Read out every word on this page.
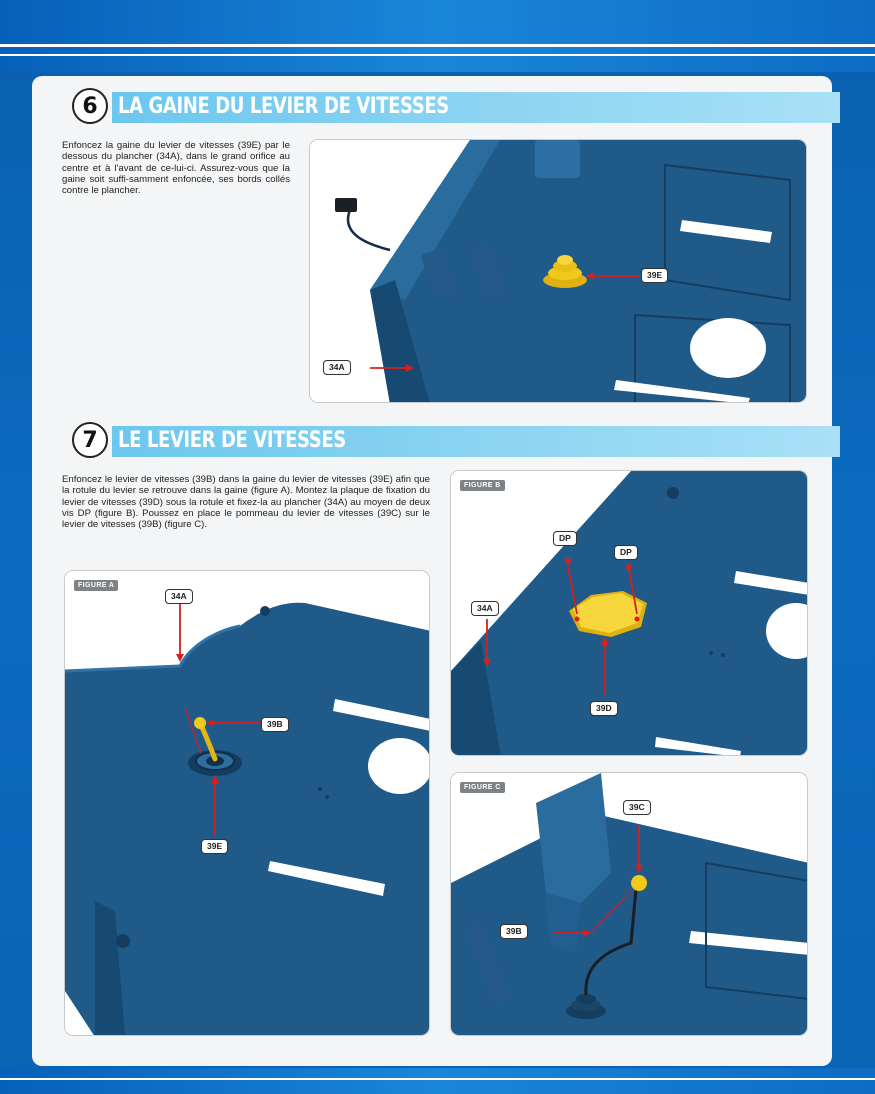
6 LA GAINE DU LEVIER DE VITESSES

Enfoncez la gaine du levier de vitesses (39E) par le dessous du plancher (34A), dans le grand orifice au centre et à l'avant de ce-lui-ci. Assurez-vous que la gaine soit suffi-samment enfoncée, ses bords collés contre le plancher.

39E
34A
7 LE LEVIER DE VITESSES

Enfoncez le levier de vitesses (39B) dans la gaine du levier de vitesses (39E) afin que la rotule du levier se retrouve dans la gaine (figure A). Montez la plaque de fixation du levier de vitesses (39D) sous la rotule et fixez-la au plancher (34A) au moyen de deux vis DP (figure B). Poussez en place le pommeau du levier de vitesses (39C) sur le levier de vitesses (39B) (figure C).

FIGURE A
34A
39B
39E
FIGURE B
DP
DP
34A
39D
FIGURE C
39C
39B
